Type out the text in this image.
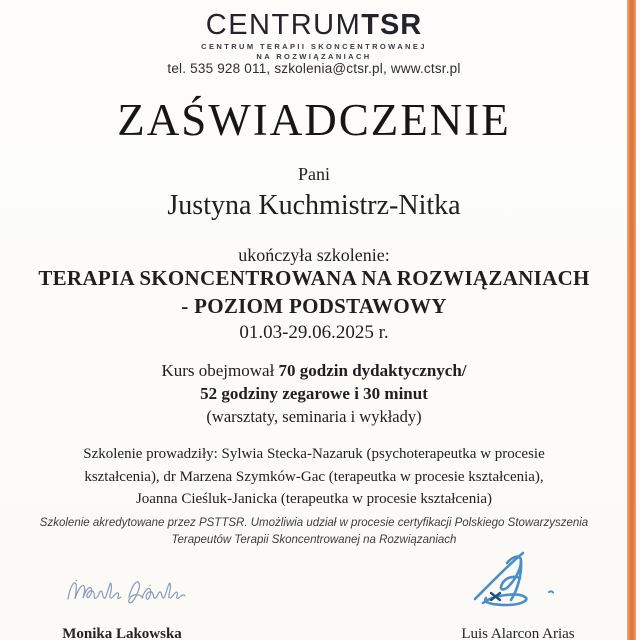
CENTRUMTSR
CENTRUM TERAPII SKONCENTROWANEJ
NA ROZWIĄZANIACH
tel. 535 928 011, szkolenia@ctsr.pl, www.ctsr.pl
ZAŚWIADCZENIE
Pani
Justyna Kuchmistrz-Nitka
ukończyła szkolenie:
TERAPIA SKONCENTROWANA NA ROZWIĄZANIACH
- POZIOM PODSTAWOWY
01.03-29.06.2025 r.
Kurs obejmował 70 godzin dydaktycznych/
52 godziny zegarowe i 30 minut
(warsztaty, seminaria i wykłady)
Szkolenie prowadziły: Sylwia Stecka-Nazaruk (psychoterapeutka w procesie
kształcenia), dr Marzena Szymków-Gac (terapeutka w procesie kształcenia),
Joanna Cieśluk-Janicka (terapeutka w procesie kształcenia)
Szkolenie akredytowane przez PSTTSR. Umożliwia udział w procesie certyfikacji Polskiego Stowarzyszenia
Terapeutów Terapii Skoncentrowanej na Rozwiązaniach
Monika Lakowska	Luis Alarcon Arias
